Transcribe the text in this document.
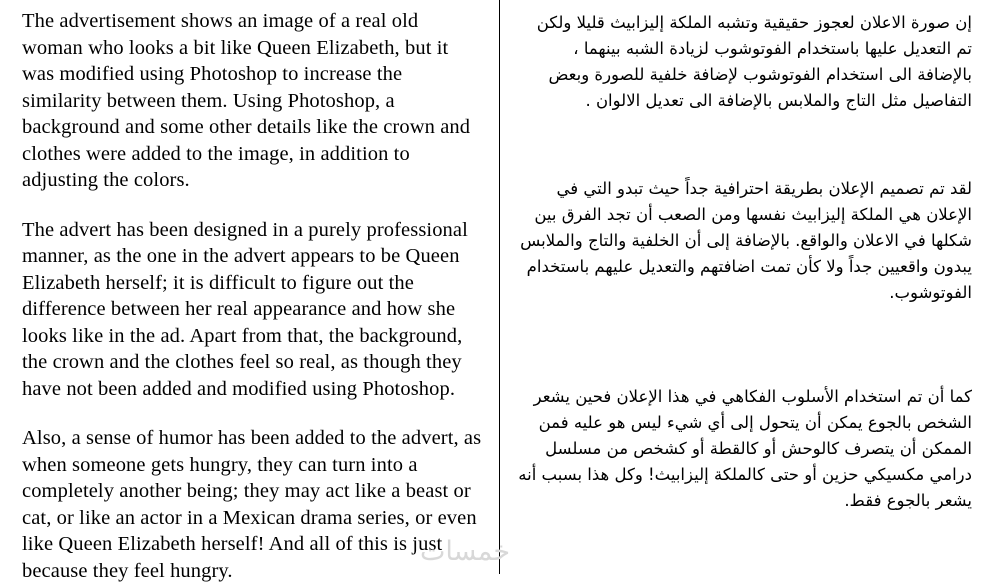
The advertisement shows an image of a real old woman who looks a bit like Queen Elizabeth, but it was modified using Photoshop to increase the similarity between them. Using Photoshop, a background and some other details like the crown and clothes were added to the image, in addition to adjusting the colors.

The advert has been designed in a purely professional manner, as the one in the advert appears to be Queen Elizabeth herself; it is difficult to figure out the difference between her real appearance and how she looks like in the ad. Apart from that, the background, the crown and the clothes feel so real, as though they have not been added and modified using Photoshop.

Also, a sense of humor has been added to the advert, as when someone gets hungry, they can turn into a completely another being; they may act like a beast or cat, or like an actor in a Mexican drama series, or even like Queen Elizabeth herself! And all of this is just because they feel hungry.

إن صورة الاعلان لعجوز حقيقية وتشبه الملكة إليزابيث قليلا ولكن تم التعديل عليها باستخدام الفوتوشوب لزيادة الشبه بينهما ، بالإضافة الى استخدام الفوتوشوب لإضافة خلفية للصورة وبعض التفاصيل مثل التاج والملابس بالإضافة الى تعديل الالوان .

لقد تم تصميم الإعلان بطريقة احترافية جداً حيث تبدو التي في الإعلان هي الملكة إليزابيث نفسها ومن الصعب أن تجد الفرق بين شكلها في الاعلان والواقع. بالإضافة إلى أن الخلفية والتاج والملابس يبدون واقعيين جداً ولا كأن تمت اضافتهم والتعديل عليهم باستخدام الفوتوشوب.

كما أن تم استخدام الأسلوب الفكاهي في هذا الإعلان فحين يشعر الشخص بالجوع يمكن أن يتحول إلى أي شيء ليس هو عليه فمن الممكن أن يتصرف كالوحش أو كالقطة أو كشخص من مسلسل درامي مكسيكي حزين أو حتى كالملكة إليزابيث! وكل هذا بسبب أنه يشعر بالجوع فقط.

خمسات
